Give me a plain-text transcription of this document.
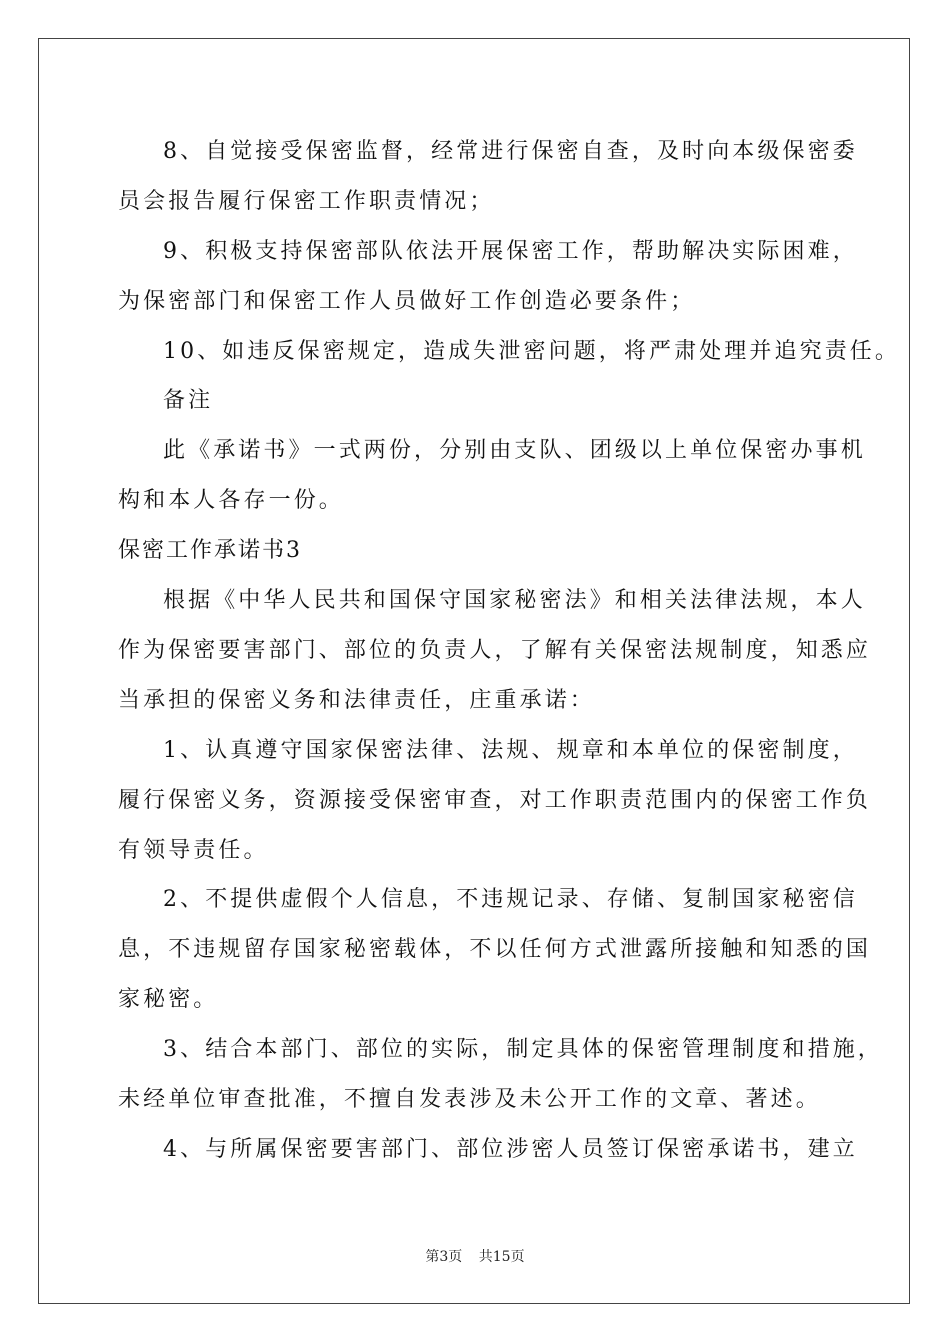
8、自觉接受保密监督，经常进行保密自查，及时向本级保密委
员会报告履行保密工作职责情况；
9、积极支持保密部队依法开展保密工作，帮助解决实际困难，
为保密部门和保密工作人员做好工作创造必要条件；
10、如违反保密规定，造成失泄密问题，将严肃处理并追究责任。
备注
此《承诺书》一式两份，分别由支队、团级以上单位保密办事机
构和本人各存一份。
保密工作承诺书3
根据《中华人民共和国保守国家秘密法》和相关法律法规，本人
作为保密要害部门、部位的负责人，了解有关保密法规制度，知悉应
当承担的保密义务和法律责任，庄重承诺：
1、认真遵守国家保密法律、法规、规章和本单位的保密制度，
履行保密义务，资源接受保密审查，对工作职责范围内的保密工作负
有领导责任。
2、不提供虚假个人信息，不违规记录、存储、复制国家秘密信
息，不违规留存国家秘密载体，不以任何方式泄露所接触和知悉的国
家秘密。
3、结合本部门、部位的实际，制定具体的保密管理制度和措施，
未经单位审查批准，不擅自发表涉及未公开工作的文章、著述。
4、与所属保密要害部门、部位涉密人员签订保密承诺书，建立
第3页 共15页
